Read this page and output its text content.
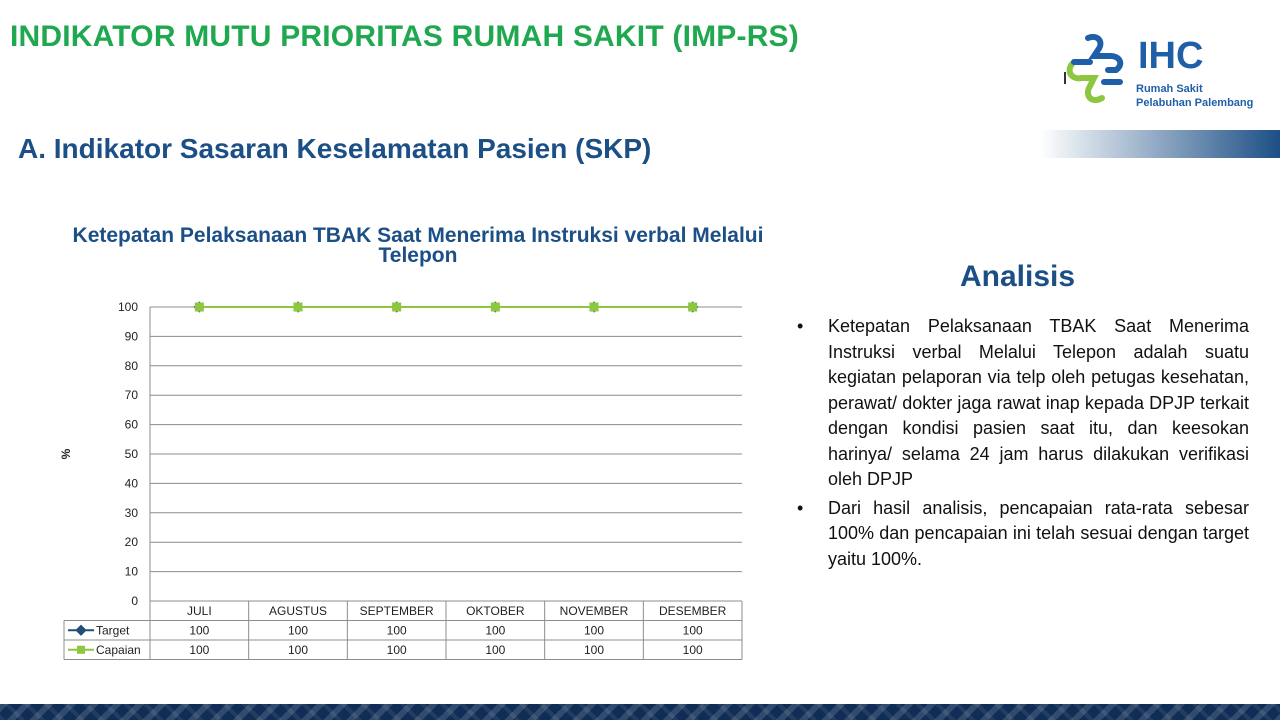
INDIKATOR MUTU PRIORITAS RUMAH SAKIT (IMP-RS)	IHC
Rumah Sakit
Pelabuhan Palembang
A. Indikator Sasaran Keselamatan Pasien (SKP)
Ketepatan Pelaksanaan TBAK Saat Menerima Instruksi verbal Melalui Telepon
0
10
20
30
40
50
60
70
80
90
100
%
JULI	AGUSTUS	SEPTEMBER	OKTOBER	NOVEMBER	DESEMBER
Target	100	100	100	100	100	100
Capaian	100	100	100	100	100	100
Analisis
• Ketepatan Pelaksanaan TBAK Saat Menerima Instruksi verbal Melalui Telepon adalah suatu kegiatan pelaporan via telp oleh petugas kesehatan, perawat/ dokter jaga rawat inap kepada DPJP terkait dengan kondisi pasien saat itu, dan keesokan harinya/ selama 24 jam harus dilakukan verifikasi oleh DPJP
• Dari hasil analisis, pencapaian rata-rata sebesar 100% dan pencapaian ini telah sesuai dengan target yaitu 100%.
